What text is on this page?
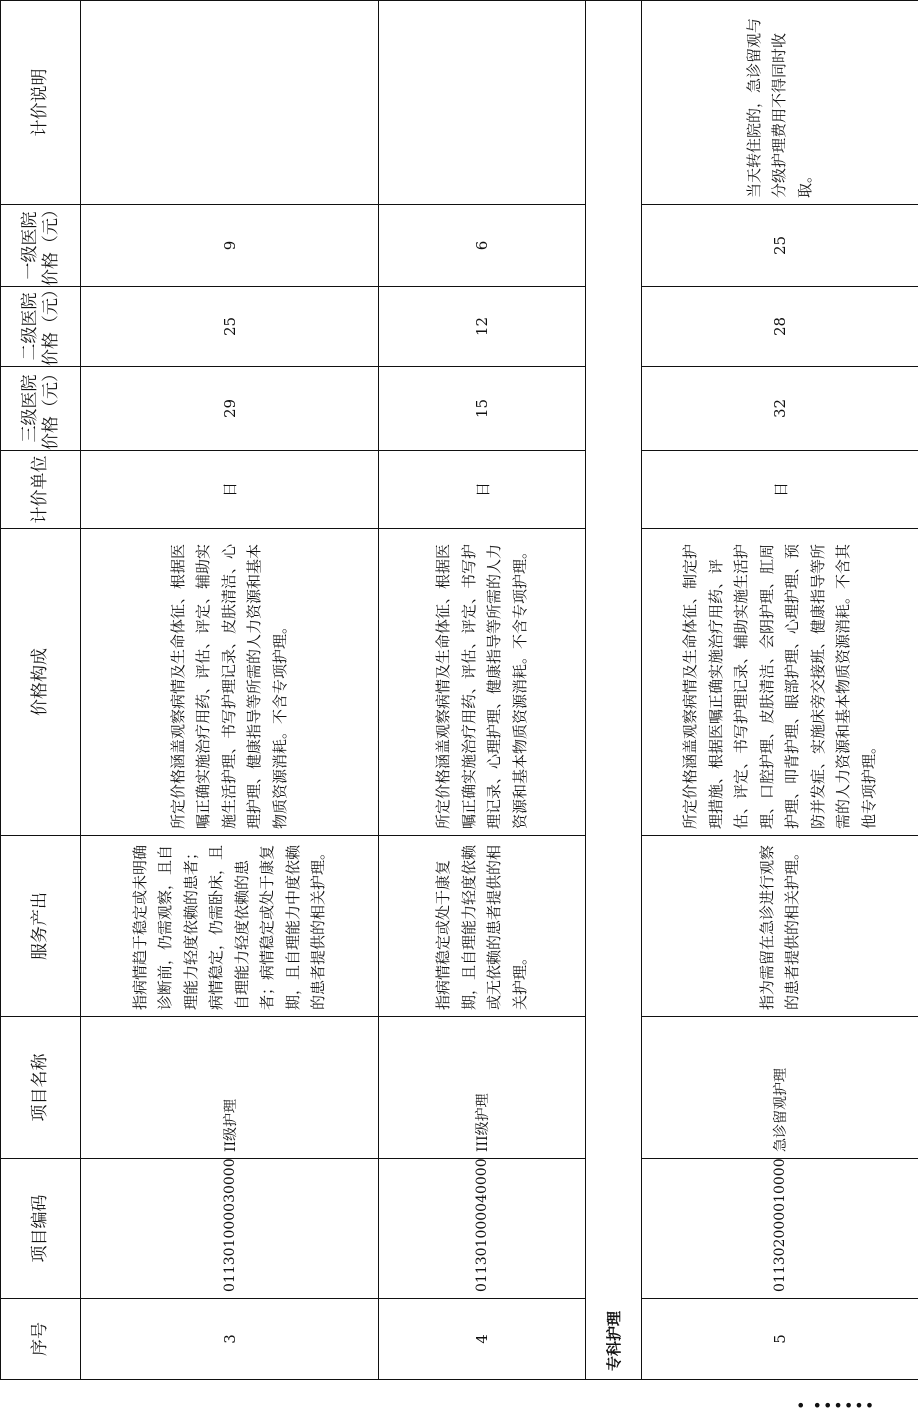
序号	项目编码	项目名称	服务产出	价格构成	计价单位	三级医院价格（元）	二级医院价格（元）	一级医院价格（元）	计价说明	
3	011301000030000	II级护理	指病情趋于稳定或未明确诊断前，仍需观察，且自理能力轻度依赖的患者；病情稳定，仍需卧床，且自理能力轻度依赖的患者；病情稳定或处于康复期，且自理能力中度依赖的患者提供的相关护理。	所定价格涵盖观察病情及生命体征、根据医嘱正确实施治疗用药、评估、评定、辅助实施生活护理、书写护理记录、皮肤清洁、心理护理、健康指导等所需的人力资源和基本物质资源消耗。不含专项护理。	日	29	25	9		
4	011301000040000	III级护理	指病情稳定或处于康复期，且自理能力轻度依赖或无依赖的患者提供的相关护理。	所定价格涵盖观察病情及生命体征、根据医嘱正确实施治疗用药、评估、评定、书写护理记录、心理护理、健康指导等所需的人力资源和基本物质资源消耗。不含专项护理。	日	15	12	6		
专科护理										
5	011302000010000	急诊留观护理	指为需留在急诊进行观察的患者提供的相关护理。	所定价格涵盖观察病情及生命体征、制定护理措施、根据医嘱正确实施治疗用药、评估、评定、书写护理记录、辅助实施生活护理、口腔护理、皮肤清洁、会阴护理、肛周护理、叩背护理、眼部护理、心理护理、预防并发症、实施床旁交接班、健康指导等所需的人力资源和基本物质资源消耗。不含其他专项护理。	日	32	28	25	当天转住院的，急诊留观与分级护理费用不得同时收取。	
• ••••••
